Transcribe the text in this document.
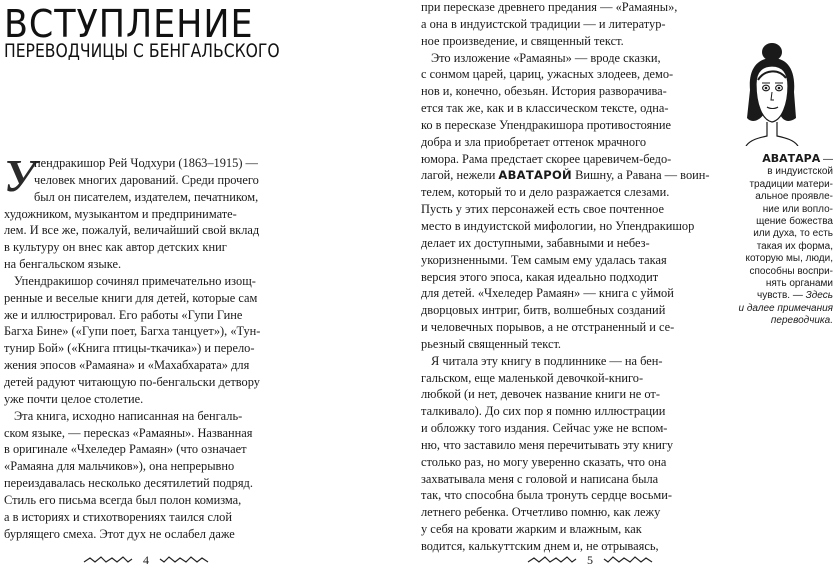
ВСТУПЛЕНИЕ
ПЕРЕВОДЧИЦЫ С БЕНГАЛЬСКОГО
У
пендракишор Рей Чодхури (1863–1915) —
человек многих дарований. Среди прочего
был он писателем, издателем, печатником,
художником, музыкантом и предпринимате-
лем. И все же, пожалуй, величайший свой вклад
в культуру он внес как автор детских книг
на бенгальском языке.
Упендракишор сочинял примечательно изощ-
ренные и веселые книги для детей, которые сам
же и иллюстрировал. Его работы «Гупи Гине
Багха Бине» («Гупи поет, Багха танцует»), «Тун-
тунир Бой» («Книга птицы-ткачика») и перело-
жения эпосов «Рамаяна» и «Махабхарата» для
детей радуют читающую по-бенгальски детвору
уже почти целое столетие.
Эта книга, исходно написанная на бенгаль-
ском языке, — пересказ «Рамаяны». Названная
в оригинале «Чхеледер Рамаян» (что означает
«Рамаяна для мальчиков»), она непрерывно
переиздавалась несколько десятилетий подряд.
Стиль его письма всегда был полон комизма,
а в историях и стихотворениях таился слой
бурлящего смеха. Этот дух не ослабел даже
4
при пересказе древнего предания — «Рамаяны»,
а она в индуистской традиции — и литератур-
ное произведение, и священный текст.
Это изложение «Рамаяны» — вроде сказки,
с сонмом царей, цариц, ужасных злодеев, демо-
нов и, конечно, обезьян. История разворачива-
ется так же, как и в классическом тексте, одна-
ко в пересказе Упендракишора противостояние
добра и зла приобретает оттенок мрачного
юмора. Рама предстает скорее царевичем-бедо-
лагой, нежели АВАТАРОЙ Вишну, а Равана — воин-
телем, который то и дело разражается слезами.
Пусть у этих персонажей есть свое почтенное
место в индуистской мифологии, но Упендракишор
делает их доступными, забавными и небез-
укоризненными. Тем самым ему удалась такая
версия этого эпоса, какая идеально подходит
для детей. «Чхеледер Рамаян» — книга с уймой
дворцовых интриг, битв, волшебных созданий
и человечных порывов, а не отстраненный и се-
рьезный священный текст.
Я читала эту книгу в подлиннике — на бен-
гальском, еще маленькой девочкой-книго-
любкой (и нет, девочек название книги не от-
талкивало). До сих пор я помню иллюстрации
и обложку того издания. Сейчас уже не вспом-
ню, что заставило меня перечитывать эту книгу
столько раз, но могу уверенно сказать, что она
захватывала меня с головой и написана была
так, что способна была тронуть сердце восьми-
летнего ребенка. Отчетливо помню, как лежу
у себя на кровати жарким и влажным, как
водится, калькуттским днем и, не отрываясь,
АВАТАРА —
в индуистской
традиции матери-
альное проявле-
ние или вопло-
щение божества
или духа, то есть
такая их форма,
которую мы, люди,
способны воспри-
нять органами
чувств. — Здесь
и далее примечания
переводчика.
5
